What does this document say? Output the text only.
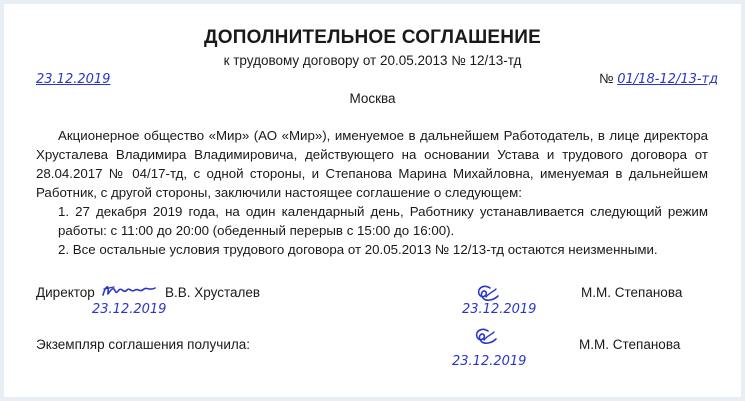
ДОПОЛНИТЕЛЬНОЕ СОГЛАШЕНИЕ
к трудовому договору от 20.05.2013 № 12/13-тд
23.12.2019	№ 01/18-12/13-тд
Москва

Акционерное общество «Мир» (АО «Мир»), именуемое в дальнейшем Работодатель, в лице директора Хрусталева Владимира Владимировича, действующего на основании Устава и трудового договора от 28.04.2017 № 04/17-тд, с одной стороны, и Степанова Марина Михайловна, именуемая в дальнейшем Работник, с другой стороны, заключили настоящее соглашение о следующем:

1. 27 декабря 2019 года, на один календарный день, Работнику устанавливается следующий режим работы: с 11:00 до 20:00 (обеденный перерыв с 15:00 до 16:00).

2. Все остальные условия трудового договора от 20.05.2013 № 12/13-тд остаются неизменными.

Директор	В.В. Хрусталев
23.12.2019	23.12.2019
М.М. Степанова
Экземпляр соглашения получила:
23.12.2019
М.М. Степанова
